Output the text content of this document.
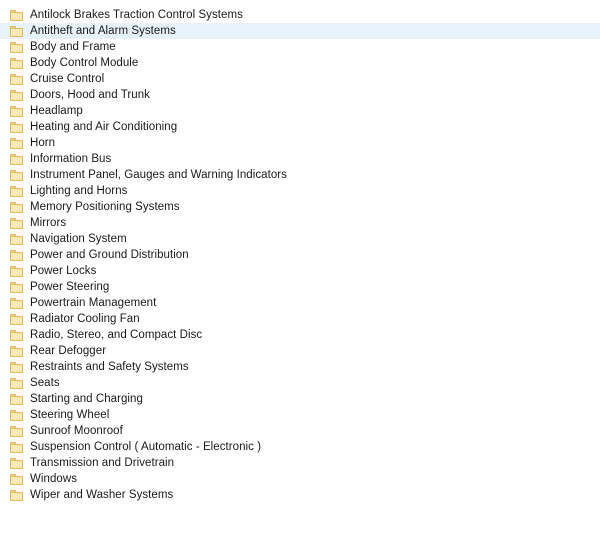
Antilock Brakes Traction Control Systems
Antitheft and Alarm Systems
Body and Frame
Body Control Module
Cruise Control
Doors, Hood and Trunk
Headlamp
Heating and Air Conditioning
Horn
Information Bus
Instrument Panel, Gauges and Warning Indicators
Lighting and Horns
Memory Positioning Systems
Mirrors
Navigation System
Power and Ground Distribution
Power Locks
Power Steering
Powertrain Management
Radiator Cooling Fan
Radio, Stereo, and Compact Disc
Rear Defogger
Restraints and Safety Systems
Seats
Starting and Charging
Steering Wheel
Sunroof Moonroof
Suspension Control ( Automatic - Electronic )
Transmission and Drivetrain
Windows
Wiper and Washer Systems
